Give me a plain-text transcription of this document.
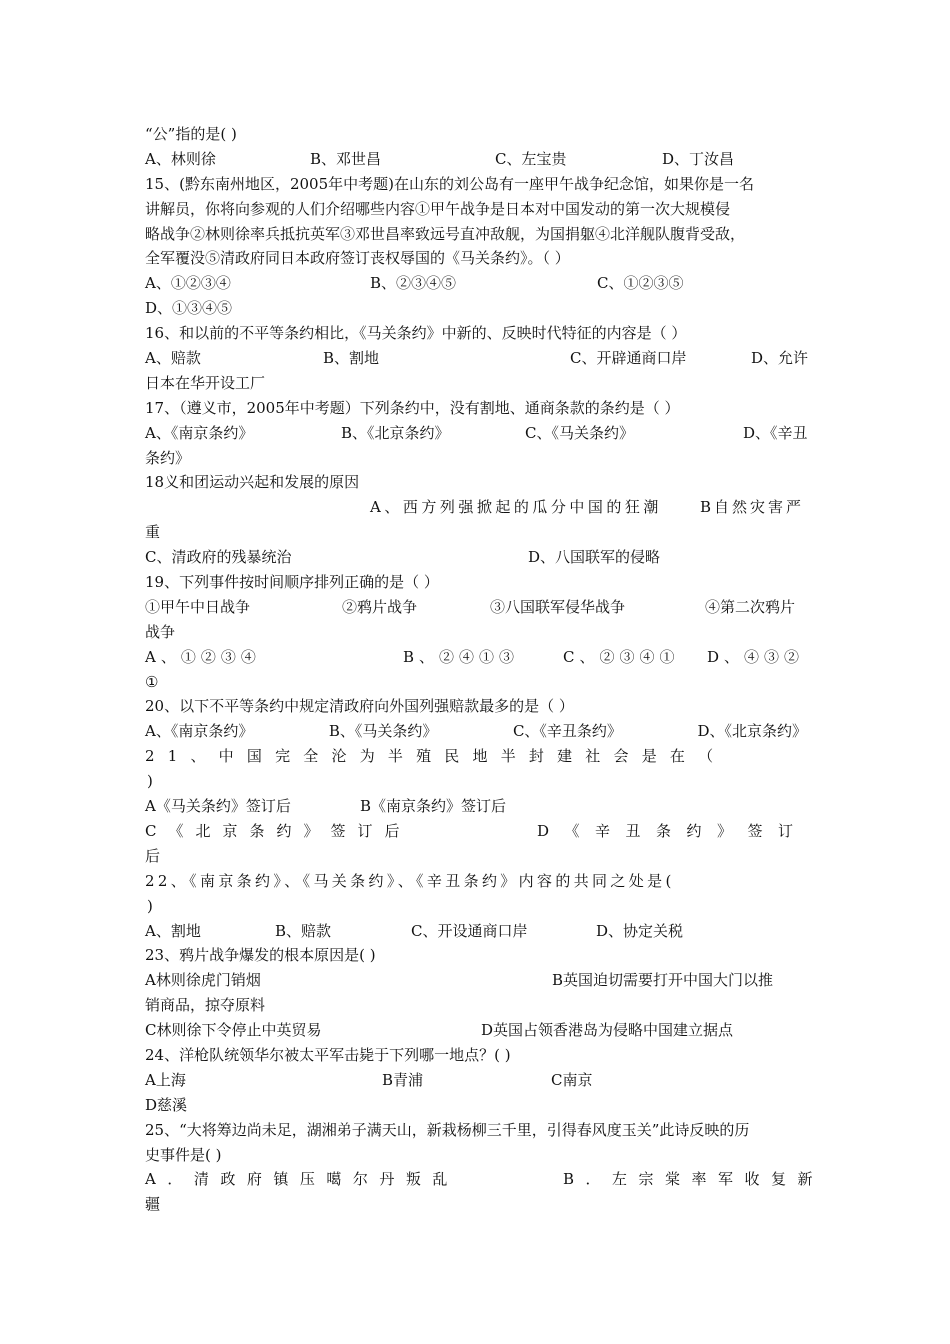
“公”指的是( )
A、林则徐	B、邓世昌	C、左宝贵	D、丁汝昌
15、(黔东南州地区，2005年中考题)在山东的刘公岛有一座甲午战争纪念馆，如果你是一名
讲解员，你将向参观的人们介绍哪些内容①甲午战争是日本对中国发动的第一次大规模侵
略战争②林则徐率兵抵抗英军③邓世昌率致远号直冲敌舰，为国捐躯④北洋舰队腹背受敌，
全军覆没⑤清政府同日本政府签订丧权辱国的《马关条约》。（ ）
A、①②③④	B、②③④⑤	C、①②③⑤
D、①③④⑤
16、和以前的不平等条约相比，《马关条约》中新的、反映时代特征的内容是（ ）
A、赔款	B、割地	C、开辟通商口岸	D、允许
日本在华开设工厂
17、（遵义市，2005年中考题）下列条约中，没有割地、通商条款的条约是（ ）
A、《南京条约》	B、《北京条约》	C、《马关条约》	D、《辛丑
条约》
18义和团运动兴起和发展的原因
A、西方列强掀起的瓜分中国的狂潮	B自然灾害严
重
C、清政府的残暴统治	D、八国联军的侵略
19、下列事件按时间顺序排列正确的是（ ）
①甲午中日战争	②鸦片战争	③八国联军侵华战争	④第二次鸦片
战争
A、①②③④	B、②④①③	C、②③④① D、④③②
①
20、以下不平等条约中规定清政府向外国列强赔款最多的是（ ）
A、《南京条约》	B、《马关条约》	C、《辛丑条约》	D、《北京条约》
21、中国完全沦为半殖民地半封建社会是在（
)
A《马关条约》签订后	B《南京条约》签订后
C《北京条约》签订后	D《辛丑条约》签订
后
22、《南京条约》、《马关条约》、《辛丑条约》内容的共同之处是(
)
A、割地	B、赔款	C、开设通商口岸	D、协定关税
23、鸦片战争爆发的根本原因是( )
A林则徐虎门销烟	B英国迫切需要打开中国大门以推
销商品，掠夺原料
C林则徐下令停止中英贸易	D英国占领香港岛为侵略中国建立据点
24、洋枪队统领华尔被太平军击毙于下列哪一地点？( )
A上海	B青浦	C南京
D慈溪
25、“大将筹边尚未足，湖湘弟子满天山，新栽杨柳三千里，引得春风度玉关”此诗反映的历
史事件是( )
A．清政府镇压噶尔丹叛乱	B．左宗棠率军收复新
疆
